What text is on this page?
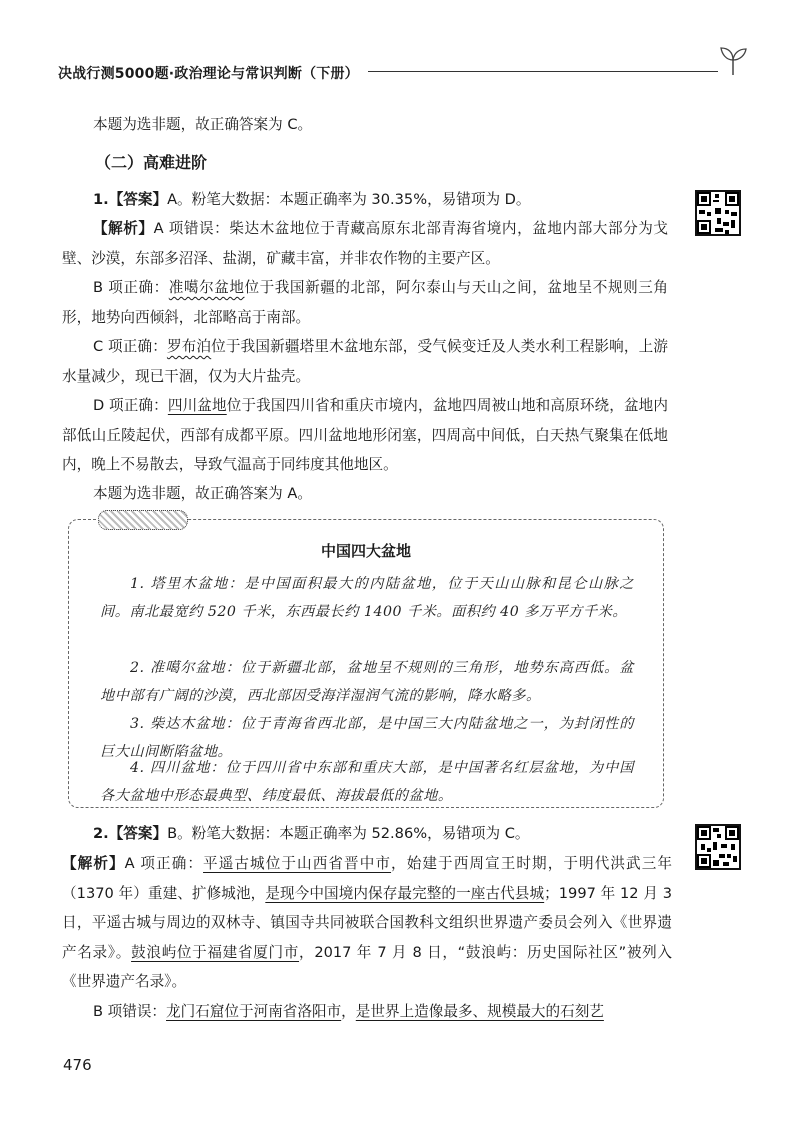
决战行测5000题·政治理论与常识判断（下册）
本题为选非题，故正确答案为 C。
（二）高难进阶
1.【答案】A。粉笔大数据：本题正确率为 30.35%，易错项为 D。
【解析】A 项错误：柴达木盆地位于青藏高原东北部青海省境内，盆地内部大部分为戈壁、沙漠，东部多沼泽、盐湖，矿藏丰富，并非农作物的主要产区。
B 项正确：准噶尔盆地位于我国新疆的北部，阿尔泰山与天山之间，盆地呈不规则三角形，地势向西倾斜，北部略高于南部。
C 项正确：罗布泊位于我国新疆塔里木盆地东部，受气候变迁及人类水利工程影响，上游水量减少，现已干涸，仅为大片盐壳。
D 项正确：四川盆地位于我国四川省和重庆市境内，盆地四周被山地和高原环绕，盆地内部低山丘陵起伏，西部有成都平原。四川盆地地形闭塞，四周高中间低，白天热气聚集在低地内，晚上不易散去，导致气温高于同纬度其他地区。
本题为选非题，故正确答案为 A。
中国四大盆地
1. 塔里木盆地：是中国面积最大的内陆盆地，位于天山山脉和昆仑山脉之间。南北最宽约 520 千米，东西最长约 1400 千米。面积约 40 多万平方千米。
2. 准噶尔盆地：位于新疆北部，盆地呈不规则的三角形，地势东高西低。盆地中部有广阔的沙漠，西北部因受海洋湿润气流的影响，降水略多。
3. 柴达木盆地：位于青海省西北部，是中国三大内陆盆地之一，为封闭性的巨大山间断陷盆地。
4. 四川盆地：位于四川省中东部和重庆大部，是中国著名红层盆地，为中国各大盆地中形态最典型、纬度最低、海拔最低的盆地。
2.【答案】B。粉笔大数据：本题正确率为 52.86%，易错项为 C。
【解析】A 项正确：平遥古城位于山西省晋中市，始建于西周宣王时期，于明代洪武三年（1370 年）重建、扩修城池，是现今中国境内保存最完整的一座古代县城；1997 年 12 月 3 日，平遥古城与周边的双林寺、镇国寺共同被联合国教科文组织世界遗产委员会列入《世界遗产名录》。鼓浪屿位于福建省厦门市，2017 年 7 月 8 日，“鼓浪屿：历史国际社区”被列入《世界遗产名录》。
B 项错误：龙门石窟位于河南省洛阳市，是世界上造像最多、规模最大的石刻艺
476
